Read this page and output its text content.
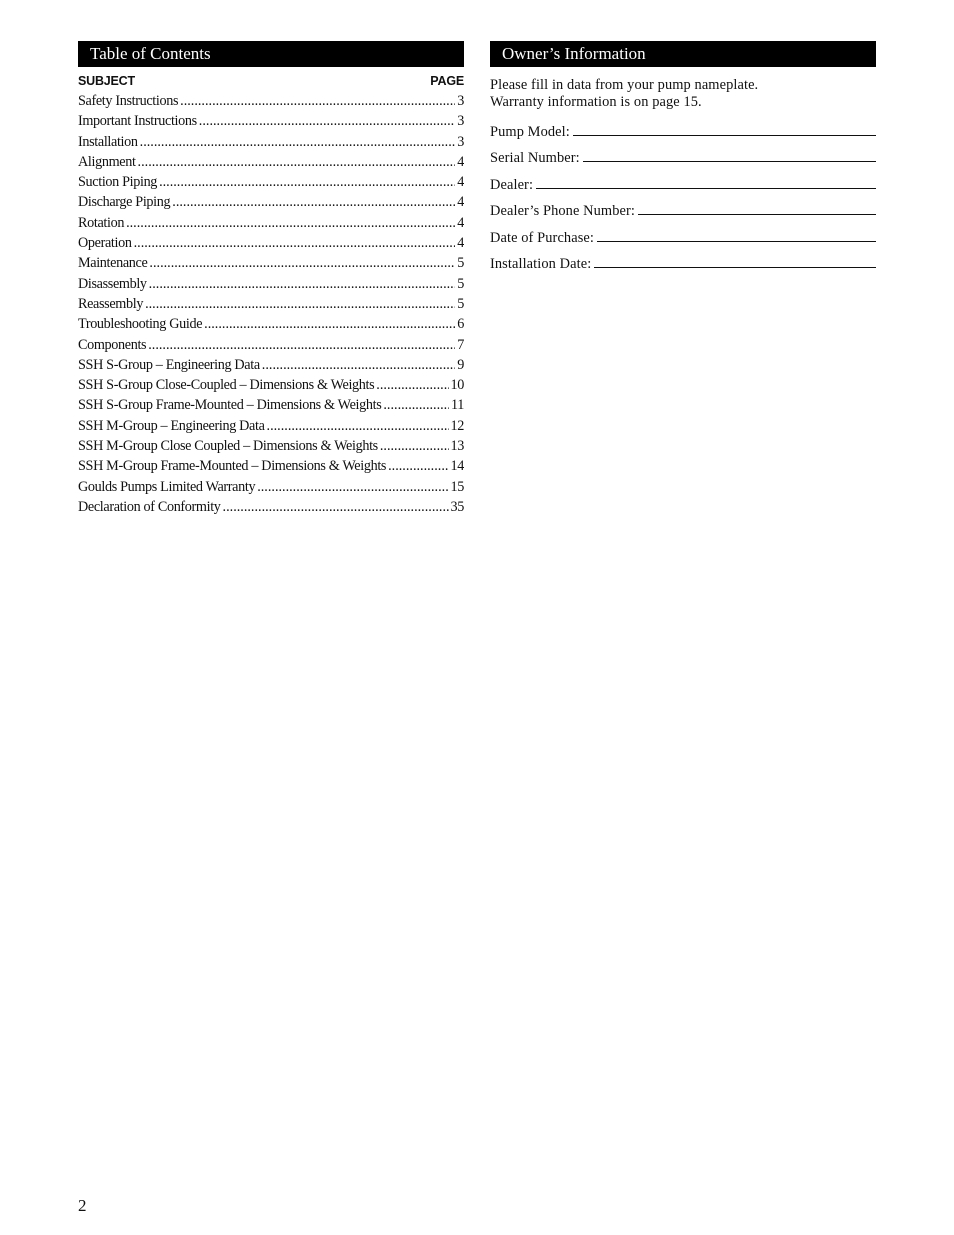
Table of Contents
SUBJECT	PAGE
Safety Instructions .....	3
Important Instructions .....	3
Installation .....	3
Alignment .....	4
Suction Piping .....	4
Discharge Piping .....	4
Rotation .....	4
Operation .....	4
Maintenance .....	5
Disassembly .....	5
Reassembly .....	5
Troubleshooting Guide .....	6
Components .....	7
SSH S-Group – Engineering Data .....	9
SSH S-Group Close-Coupled – Dimensions & Weights .....	10
SSH S-Group Frame-Mounted – Dimensions & Weights .....	11
SSH M-Group – Engineering Data .....	12
SSH M-Group Close Coupled – Dimensions & Weights .....	13
SSH M-Group Frame-Mounted – Dimensions & Weights .....	14
Goulds Pumps Limited Warranty .....	15
Declaration of Conformity .....	35
Owner’s Information
Please fill in data from your pump nameplate.
Warranty information is on page 15.
Pump Model:
Serial Number:
Dealer:
Dealer’s Phone Number:
Date of Purchase:
Installation Date:
2
